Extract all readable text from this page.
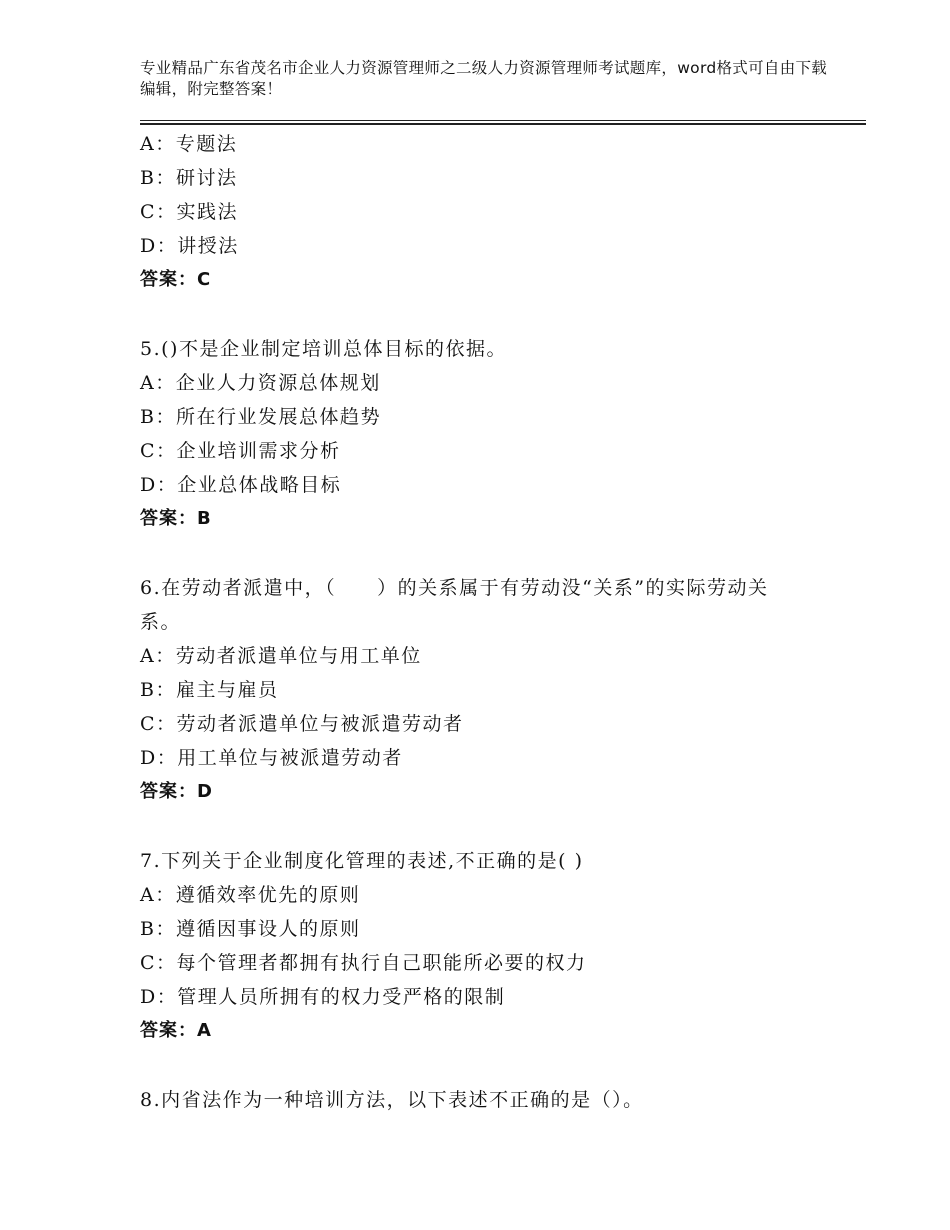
专业精品广东省茂名市企业人力资源管理师之二级人力资源管理师考试题库，word格式可自由下载编辑，附完整答案！
A：专题法
B：研讨法
C：实践法
D：讲授法
答案：C
5.()不是企业制定培训总体目标的依据。
A：企业人力资源总体规划
B：所在行业发展总体趋势
C：企业培训需求分析
D：企业总体战略目标
答案：B
6.在劳动者派遣中，（　　）的关系属于有劳动没“关系”的实际劳动关系。
A：劳动者派遣单位与用工单位
B：雇主与雇员
C：劳动者派遣单位与被派遣劳动者
D：用工单位与被派遣劳动者
答案：D
7.下列关于企业制度化管理的表述,不正确的是( )
A：遵循效率优先的原则
B：遵循因事设人的原则
C：每个管理者都拥有执行自己职能所必要的权力
D：管理人员所拥有的权力受严格的限制
答案：A
8.内省法作为一种培训方法，以下表述不正确的是（）。
